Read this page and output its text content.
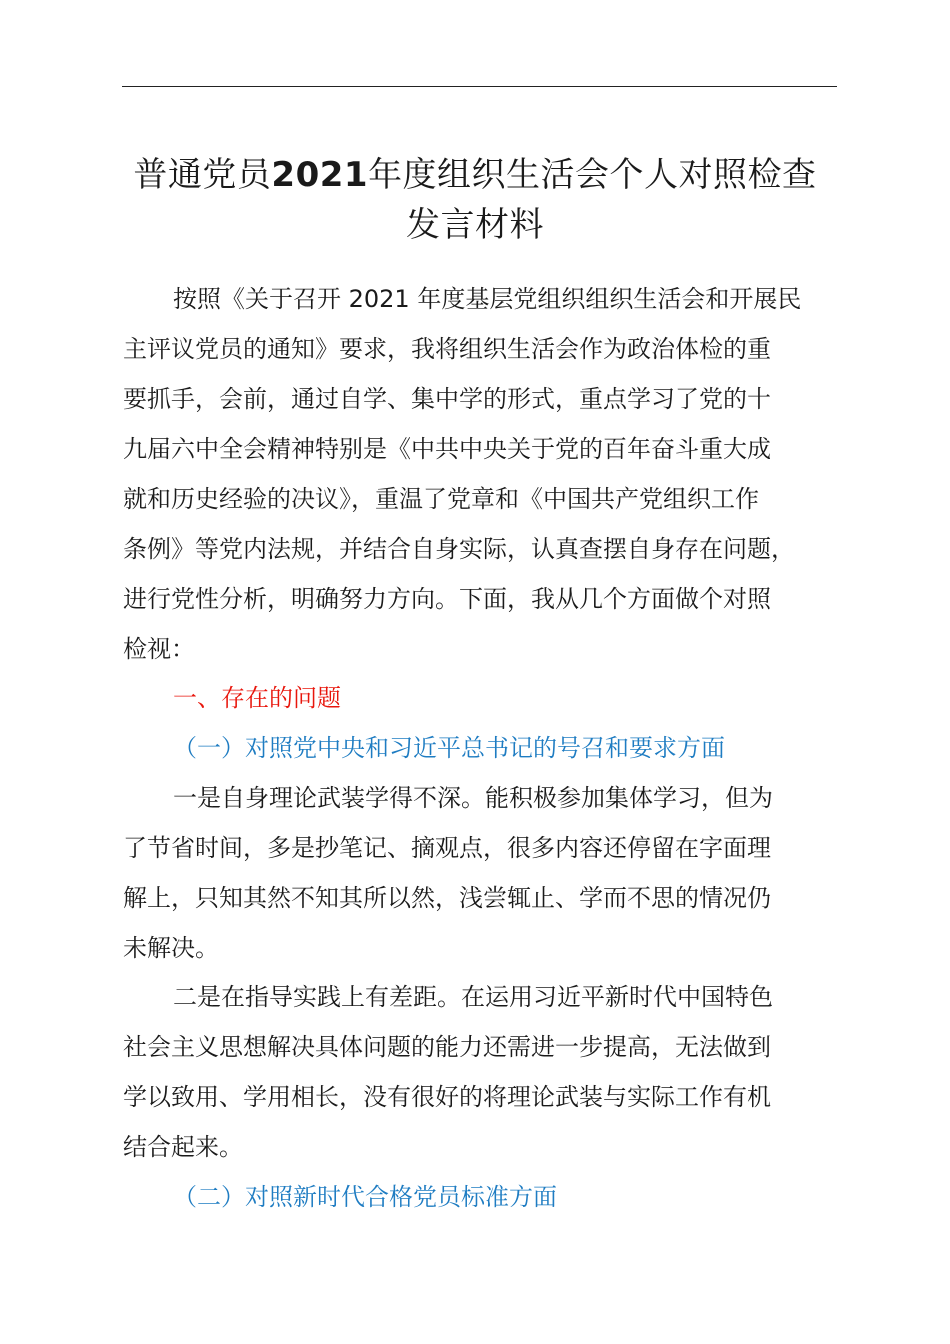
普通党员2021年度组织生活会个人对照检查
发言材料
按照《关于召开 2021 年度基层党组织组织生活会和开展民
主评议党员的通知》要求，我将组织生活会作为政治体检的重
要抓手，会前，通过自学、集中学的形式，重点学习了党的十
九届六中全会精神特别是《中共中央关于党的百年奋斗重大成
就和历史经验的决议》，重温了党章和《中国共产党组织工作
条例》等党内法规，并结合自身实际，认真查摆自身存在问题，
进行党性分析，明确努力方向。下面，我从几个方面做个对照
检视：
一、存在的问题
（一）对照党中央和习近平总书记的号召和要求方面
一是自身理论武装学得不深。能积极参加集体学习，但为
了节省时间，多是抄笔记、摘观点，很多内容还停留在字面理
解上，只知其然不知其所以然，浅尝辄止、学而不思的情况仍
未解决。
二是在指导实践上有差距。在运用习近平新时代中国特色
社会主义思想解决具体问题的能力还需进一步提高，无法做到
学以致用、学用相长，没有很好的将理论武装与实际工作有机
结合起来。
（二）对照新时代合格党员标准方面
